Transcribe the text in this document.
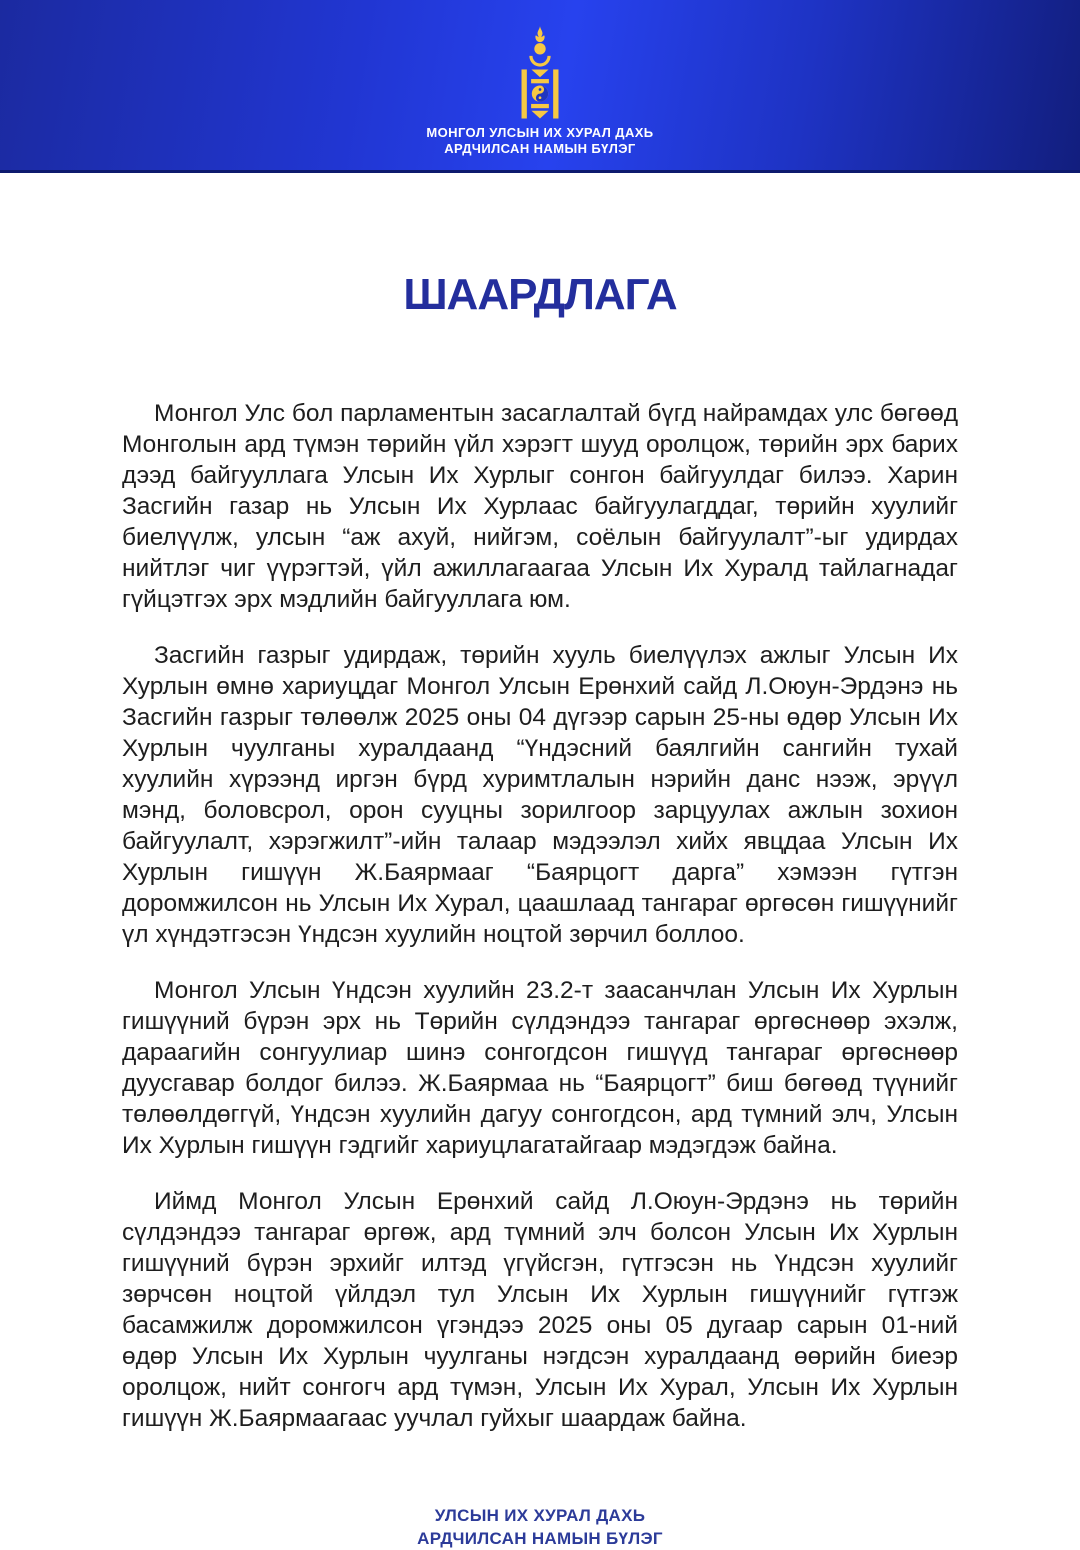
МОНГОЛ УЛСЫН ИХ ХУРАЛ ДАХЬ
АРДЧИЛСАН НАМЫН БҮЛЭГ
ШААРДЛАГА

Монгол Улс бол парламентын засаглалтай бүгд найрамдах улс бөгөөд Монголын ард түмэн төрийн үйл хэрэгт шууд оролцож, төрийн эрх барих дээд байгууллага Улсын Их Хурлыг сонгон байгуулдаг билээ. Харин Засгийн газар нь Улсын Их Хурлаас байгуулагддаг, төрийн хуулийг биелүүлж, улсын “аж ахуй, нийгэм, соёлын байгуулалт”-ыг удирдах нийтлэг чиг үүрэгтэй, үйл ажиллагаагаа Улсын Их Хуралд тайлагнадаг гүйцэтгэх эрх мэдлийн байгууллага юм.

Засгийн газрыг удирдаж, төрийн хууль биелүүлэх ажлыг Улсын Их Хурлын өмнө хариуцдаг Монгол Улсын Ерөнхий сайд Л.Оюун-Эрдэнэ нь Засгийн газрыг төлөөлж 2025 оны 04 дүгээр сарын 25-ны өдөр Улсын Их Хурлын чуулганы хуралдаанд “Үндэсний баялгийн сангийн тухай хуулийн хүрээнд иргэн бүрд хуримтлалын нэрийн данс нээж, эрүүл мэнд, боловсрол, орон сууцны зорилгоор зарцуулах ажлын зохион байгуулалт, хэрэгжилт”-ийн талаар мэдээлэл хийх явцдаа Улсын Их Хурлын гишүүн Ж.Баярмааг “Баярцогт дарга” хэмээн гүтгэн доромжилсон нь Улсын Их Хурал, цаашлаад тангараг өргөсөн гишүүнийг үл хүндэтгэсэн Үндсэн хуулийн ноцтой зөрчил боллоо.

Монгол Улсын Үндсэн хуулийн 23.2-т заасанчлан Улсын Их Хурлын гишүүний бүрэн эрх нь Төрийн сүлдэндээ тангараг өргөснөөр эхэлж, дараагийн сонгуулиар шинэ сонгогдсон гишүүд тангараг өргөснөөр дуусгавар болдог билээ. Ж.Баярмаа нь “Баярцогт” биш бөгөөд түүнийг төлөөлдөггүй, Үндсэн хуулийн дагуу сонгогдсон, ард түмний элч, Улсын Их Хурлын гишүүн гэдгийг хариуцлагатайгаар мэдэгдэж байна.

Иймд Монгол Улсын Ерөнхий сайд Л.Оюун-Эрдэнэ нь төрийн сүлдэндээ тангараг өргөж, ард түмний элч болсон Улсын Их Хурлын гишүүний бүрэн эрхийг илтэд үгүйсгэн, гүтгэсэн нь Үндсэн хуулийг зөрчсөн ноцтой үйлдэл тул Улсын Их Хурлын гишүүнийг гүтгэж басамжилж доромжилсон үгэндээ 2025 оны 05 дугаар сарын 01-ний өдөр Улсын Их Хурлын чуулганы нэгдсэн хуралдаанд өөрийн биеэр оролцож, нийт сонгогч ард түмэн, Улсын Их Хурал, Улсын Их Хурлын гишүүн Ж.Баярмаагаас уучлал гуйхыг шаардаж байна.

УЛСЫН ИХ ХУРАЛ ДАХЬ
АРДЧИЛСАН НАМЫН БҮЛЭГ
